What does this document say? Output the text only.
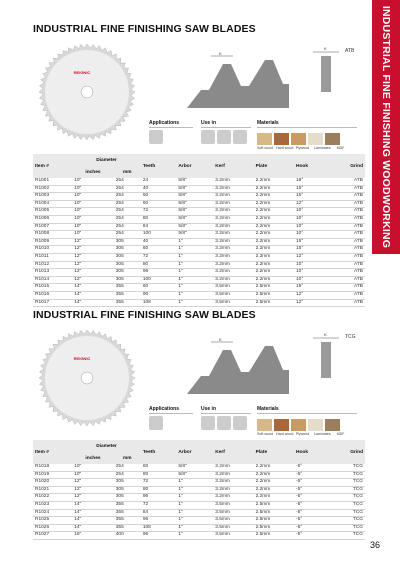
INDUSTRIAL FINE FINISHING WOODWORKING
INDUSTRIAL FINE FINISHING SAW BLADES
REIGNIC
K
K	ATB
Applications	Use in	Materials
Soft wood Hard wood Plywood Laminates	MDF
Item #	Diameter		Teeth	Arbor	Kerf	Plate	Hook	Grind
	inches	mm						
R1001	10"	254	24	5/8"	3.2mm	2.2mm	18°	ATB
R1002	10"	254	40	5/8"	3.2mm	2.2mm	15°	ATB
R1003	10"	254	50	5/8"	3.2mm	2.2mm	15°	ATB
R1004	10"	254	60	5/8"	3.2mm	2.2mm	12°	ATB
R1005	10"	254	72	5/8"	3.2mm	2.2mm	10°	ATB
R1006	10"	254	80	5/8"	3.2mm	2.2mm	10°	ATB
R1007	10"	254	84	5/8"	3.2mm	2.2mm	10°	ATB
R1008	10"	254	100	5/8"	3.2mm	2.2mm	10°	ATB
R1009	12"	305	40	1"	3.2mm	2.2mm	15°	ATB
R1010	12"	305	60	1"	3.2mm	2.2mm	15°	ATB
R1011	12"	305	72	1"	3.2mm	2.2mm	12°	ATB
R1012	12"	305	80	1"	3.2mm	2.2mm	10°	ATB
R1013	12"	305	96	1"	3.2mm	2.2mm	10°	ATB
R1014	12"	305	100	1"	3.2mm	2.2mm	10°	ATB
R1015	14"	355	60	1"	3.5mm	2.5mm	15°	ATB
R1016	14"	355	90	1"	3.5mm	2.5mm	12°	ATB
R1017	14"	355	108	1"	3.5mm	2.5mm	12°	ATB
INDUSTRIAL FINE FINISHING SAW BLADES
REIGNIC
K
K	TCG
Applications	Use in	Materials
Soft wood Hard wood Plywood Laminates	MDF
Item #	Diameter		Teeth	Arbor	Kerf	Plate	Hook	Grind
	inches	mm						
R1018	10"	254	60	5/8"	3.2mm	2.2mm	-5°	TCG
R1019	10"	254	80	5/8"	3.2mm	2.2mm	-5°	TCG
R1020	12"	305	72	1"	3.2mm	2.2mm	-5°	TCG
R1021	12"	305	80	1"	3.2mm	2.2mm	-5°	TCG
R1022	12"	305	96	1"	3.2mm	2.2mm	-5°	TCG
R1023	14"	355	72	1"	3.5mm	2.5mm	-5°	TCG
R1024	14"	355	84	1"	3.5mm	2.5mm	-5°	TCG
R1025	14"	355	96	1"	3.5mm	2.5mm	-5°	TCG
R1026	14"	355	108	1"	3.5mm	2.5mm	-5°	TCG
R1027	16"	400	96	1"	3.5mm	2.5mm	-5°	TCG
36
